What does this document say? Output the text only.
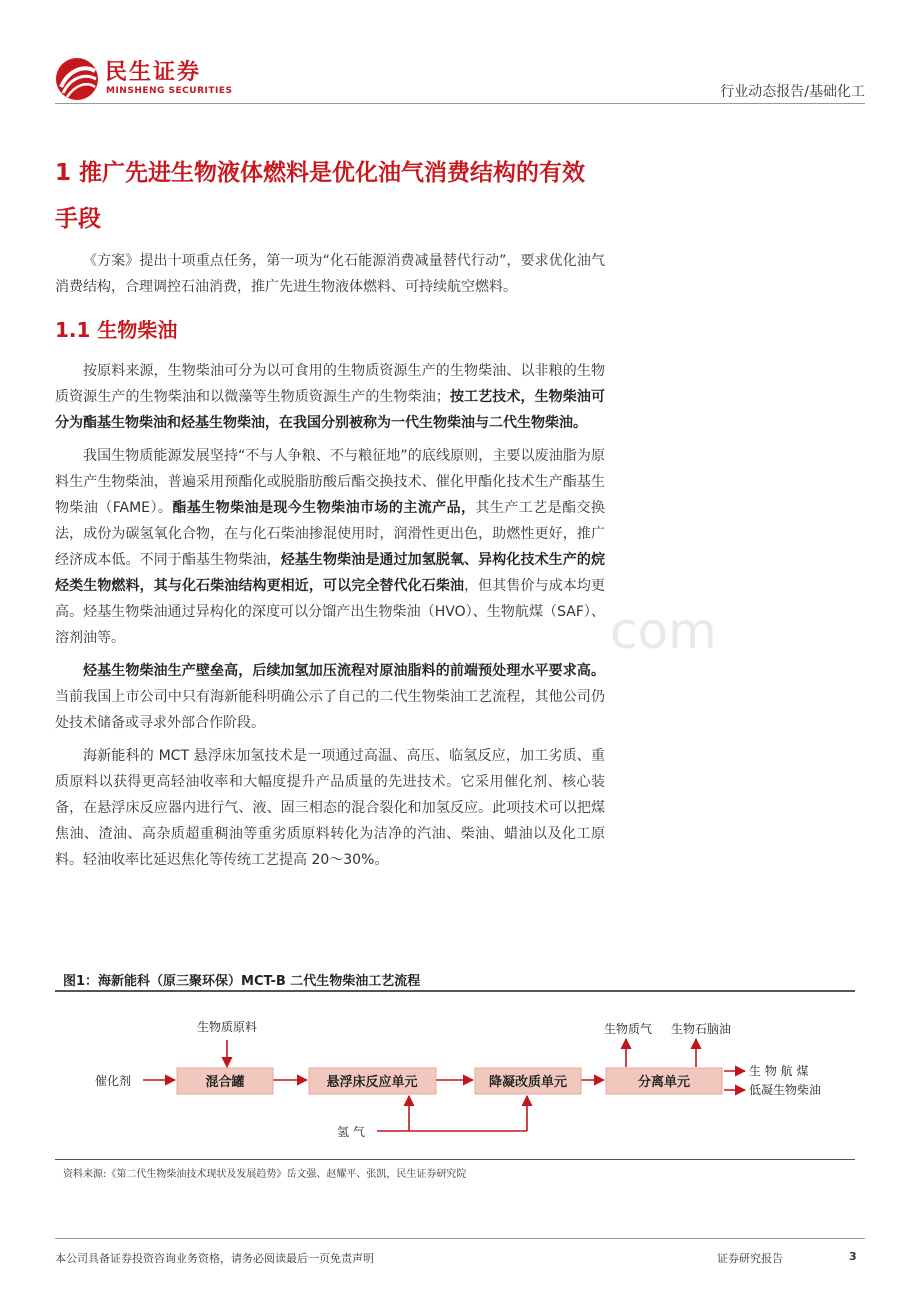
民生证券
MINSHENG SECURITIES	行业动态报告/基础化工
com
1 推广先进生物液体燃料是优化油气消费结构的有效手段

《方案》提出十项重点任务，第一项为“化石能源消费减量替代行动”，要求优化油气消费结构，合理调控石油消费，推广先进生物液体燃料、可持续航空燃料。

1.1 生物柴油

按原料来源，生物柴油可分为以可食用的生物质资源生产的生物柴油、以非粮的生物质资源生产的生物柴油和以微藻等生物质资源生产的生物柴油；按工艺技术，生物柴油可分为酯基生物柴油和烃基生物柴油，在我国分别被称为一代生物柴油与二代生物柴油。

我国生物质能源发展坚持“不与人争粮、不与粮征地”的底线原则，主要以废油脂为原料生产生物柴油，普遍采用预酯化或脱脂肪酸后酯交换技术、催化甲酯化技术生产酯基生物柴油（FAME）。酯基生物柴油是现今生物柴油市场的主流产品，其生产工艺是酯交换法，成份为碳氢氧化合物，在与化石柴油掺混使用时，润滑性更出色，助燃性更好，推广经济成本低。不同于酯基生物柴油，烃基生物柴油是通过加氢脱氧、异构化技术生产的烷烃类生物燃料，其与化石柴油结构更相近，可以完全替代化石柴油，但其售价与成本均更高。烃基生物柴油通过异构化的深度可以分馏产出生物柴油（HVO）、生物航煤（SAF）、溶剂油等。

烃基生物柴油生产壁垒高，后续加氢加压流程对原油脂料的前端预处理水平要求高。当前我国上市公司中只有海新能科明确公示了自己的二代生物柴油工艺流程，其他公司仍处技术储备或寻求外部合作阶段。

海新能科的 MCT 悬浮床加氢技术是一项通过高温、高压、临氢反应，加工劣质、重质原料以获得更高轻油收率和大幅度提升产品质量的先进技术。它采用催化剂、核心装备，在悬浮床反应器内进行气、液、固三相态的混合裂化和加氢反应。此项技术可以把煤焦油、渣油、高杂质超重稠油等重劣质原料转化为洁净的汽油、柴油、蜡油以及化工原料。轻油收率比延迟焦化等传统工艺提高 20～30%。

图1：海新能科（原三聚环保）MCT-B 二代生物柴油工艺流程
混合罐	悬浮床反应单元	降凝改质单元	分离单元
生物质原料
催化剂
氢 气
生物质气 生物石脑油
生 物 航 煤
低凝生物柴油
资料来源:《第二代生物柴油技术现状及发展趋势》岳文强、赵耀平、张凯，民生证券研究院
本公司具备证券投资咨询业务资格，请务必阅读最后一页免责声明	证券研究报告	3
